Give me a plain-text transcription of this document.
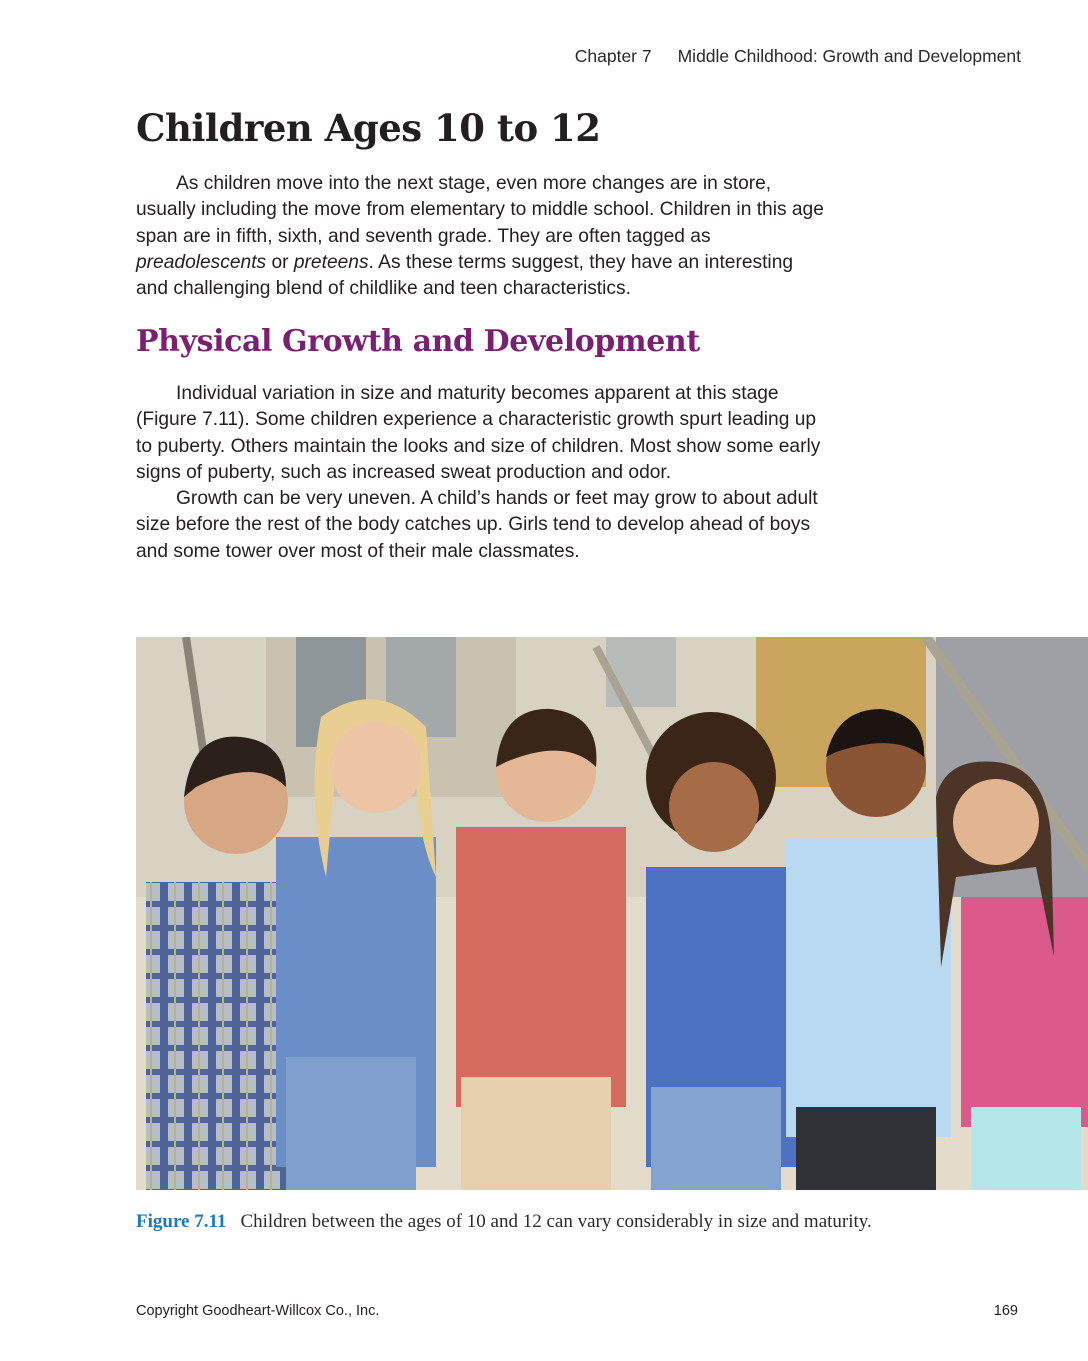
Chapter 7 Middle Childhood: Growth and Development
Children Ages 10 to 12

As children move into the next stage, even more changes are in store, usually including the move from elementary to middle school. Children in this age span are in fifth, sixth, and seventh grade. They are often tagged as preadolescents or preteens. As these terms suggest, they have an interesting and challenging blend of childlike and teen characteristics.

Physical Growth and Development

Individual variation in size and maturity becomes apparent at this stage (Figure 7.11). Some children experience a characteristic growth spurt leading up to puberty. Others maintain the looks and size of children. Most show some early signs of puberty, such as increased sweat production and odor.

Growth can be very uneven. A child’s hands or feet may grow to about adult size before the rest of the body catches up. Girls tend to develop ahead of boys and some tower over most of their male classmates.

Figure 7.11 Children between the ages of 10 and 12 can vary considerably in size and maturity.
Copyright Goodheart-Willcox Co., Inc.	169
